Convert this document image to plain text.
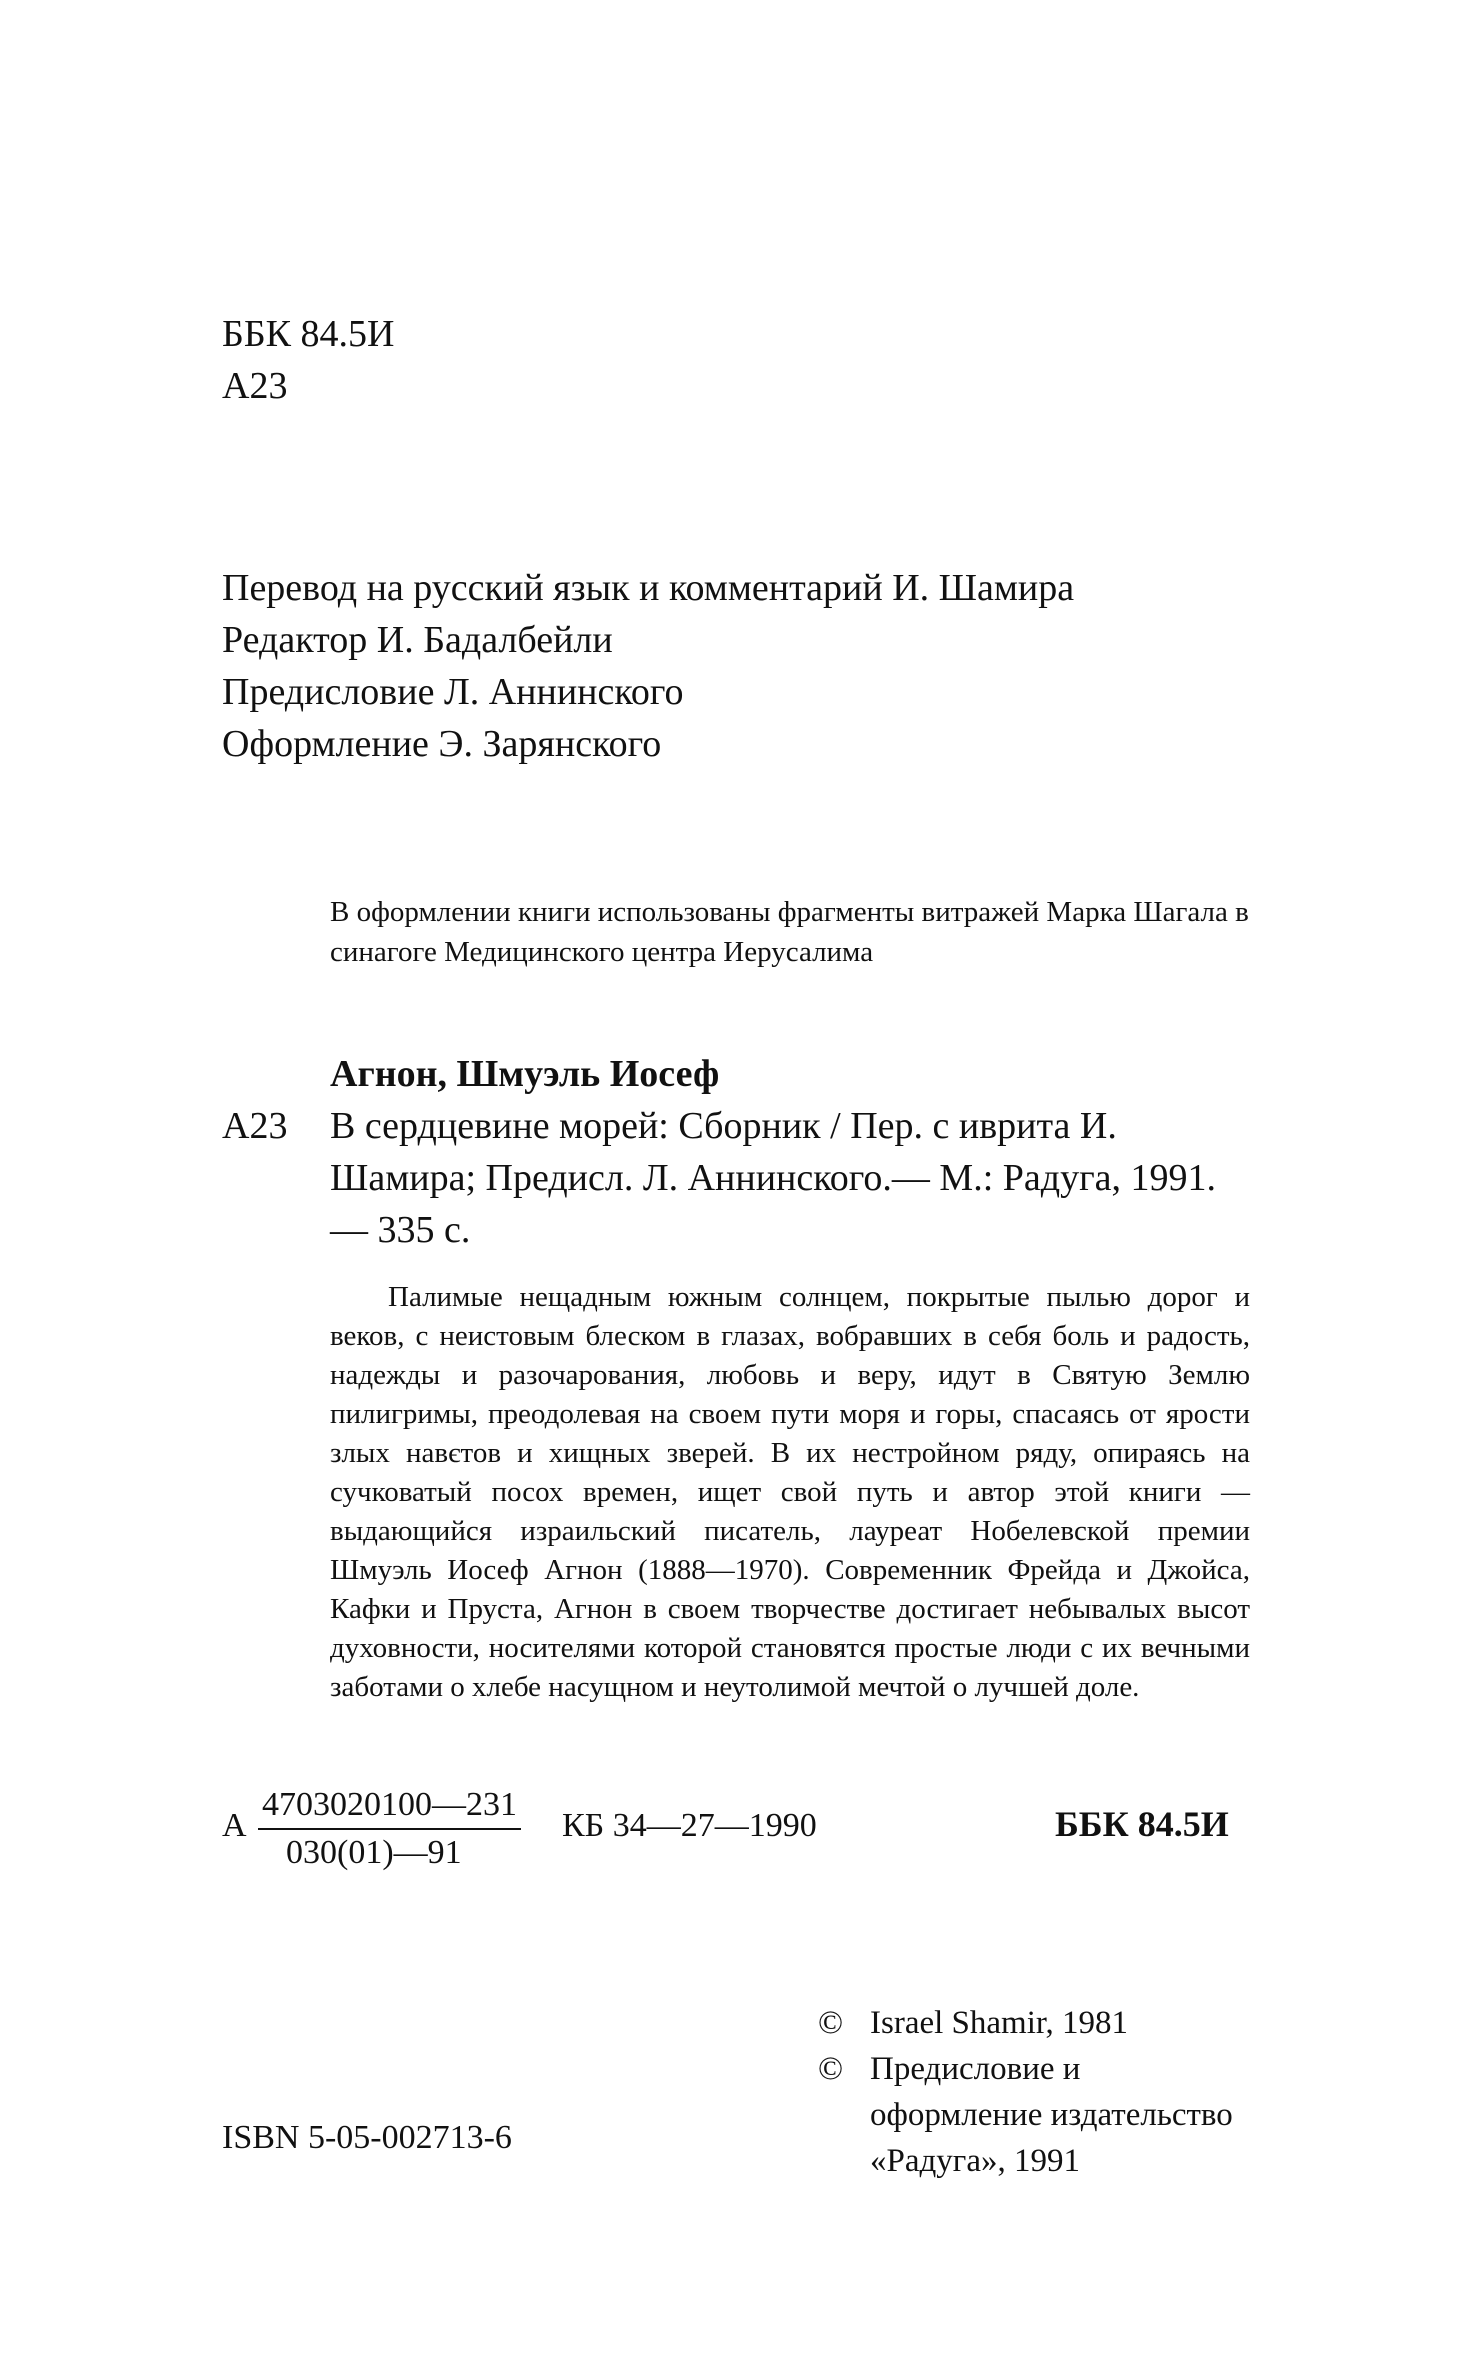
ББК 84.5И
А23
Перевод на русский язык и комментарий И. Шамира
Редактор И. Бадалбейли
Предисловие Л. Аннинского
Оформление Э. Зарянского
В оформлении книги использованы фрагменты витражей Марка Шагала в синагоге Медицинского центра Иерусалима
Агнон, Шмуэль Иосеф
А23 В сердцевине морей: Сборник / Пер. с иврита И. Шамира; Предисл. Л. Аннинского.— М.: Радуга, 1991.— 335 с.
Палимые нещадным южным солнцем, покрытые пылью дорог и веков, с неистовым блеском в глазах, вобравших в себя боль и радость, надежды и разочарования, любовь и веру, идут в Святую Землю пилигримы, преодолевая на своем пути моря и горы, спасаясь от ярости злых навєтов и хищных зверей. В их нестройном ряду, опираясь на сучковатый посох времен, ищет свой путь и автор этой книги — выдающийся израильский писатель, лауреат Нобелевской премии Шмуэль Иосеф Агнон (1888—1970). Современник Фрейда и Джойса, Кафки и Пруста, Агнон в своем творчестве достигает небывалых высот духовности, носителями которой становятся простые люди с их вечными заботами о хлебе насущном и неутолимой мечтой о лучшей доле.
А $\frac{4703020100—231}{030(01)—91}$ КБ 34—27—1990	ББК 84.5И
© Israel Shamir, 1981
© Предисловие и оформление издательство «Радуга», 1991
ISBN 5-05-002713-6
